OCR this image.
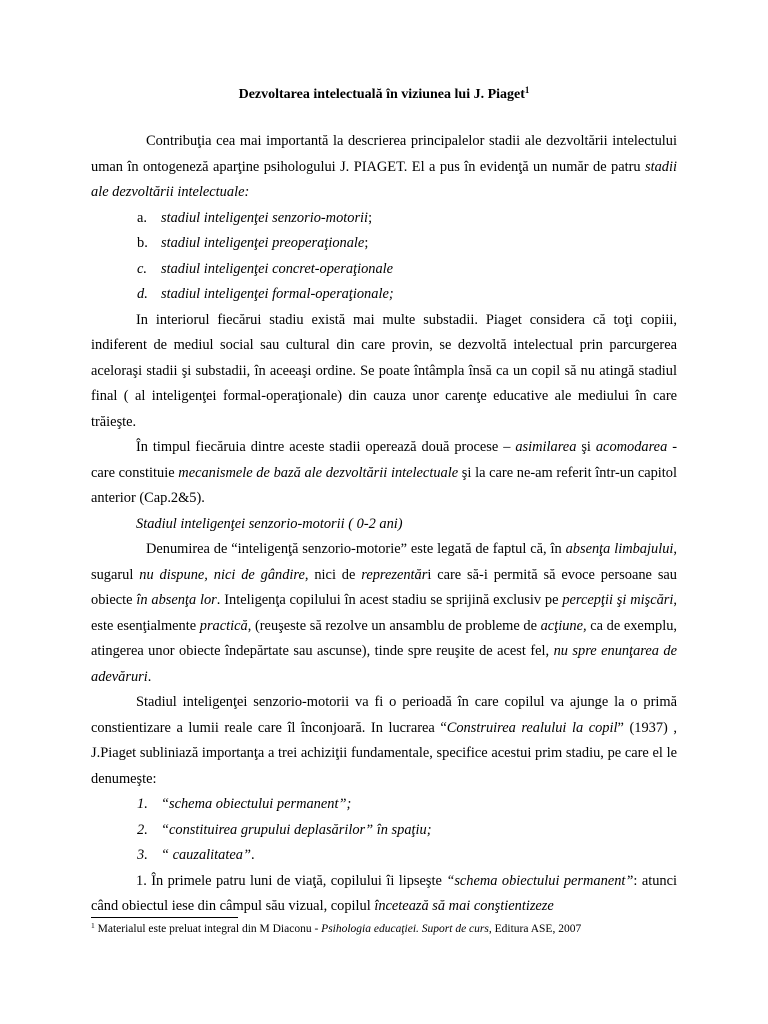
Dezvoltarea intelectuală în viziunea lui J. Piaget$^1$

Contribuţia cea mai importantă la descrierea principalelor stadii ale dezvoltării intelectului uman în ontogeneză aparţine psihologului J. PIAGET. El a pus în evidenţă un număr de patru stadii ale dezvoltării intelectuale:

a. stadiul inteligenţei senzorio-motorii;

b. stadiul inteligenţei preoperaţionale;

c. stadiul inteligenţei concret-operaţionale

d. stadiul inteligenţei formal-operaţionale;

In interiorul fiecărui stadiu există mai multe substadii. Piaget considera că toţi copiii, indiferent de mediul social sau cultural din care provin, se dezvoltă intelectual prin parcurgerea aceloraşi stadii şi substadii, în aceeaşi ordine. Se poate întâmpla însă ca un copil să nu atingă stadiul final ( al inteligenţei formal-operaţionale) din cauza unor carenţe educative ale mediului în care trăieşte.

În timpul fiecăruia dintre aceste stadii operează două procese – asimilarea şi acomodarea - care constituie mecanismele de bază ale dezvoltării intelectuale şi la care ne-am referit într-un capitol anterior (Cap.2&5).

Stadiul inteligenţei senzorio-motorii ( 0-2 ani)

Denumirea de “inteligenţă senzorio-motorie” este legată de faptul că, în absenţa limbajului, sugarul nu dispune, nici de gândire, nici de reprezentări care să-i permită să evoce persoane sau obiecte în absenţa lor. Inteligenţa copilului în acest stadiu se sprijină exclusiv pe percepţii şi mişcări, este esenţialmente practică, (reuşeste să rezolve un ansamblu de probleme de acţiune, ca de exemplu, atingerea unor obiecte îndepărtate sau ascunse), tinde spre reuşite de acest fel, nu spre enunţarea de adevăruri.

Stadiul inteligenţei senzorio-motorii va fi o perioadă în care copilul va ajunge la o primă constientizare a lumii reale care îl înconjoară. In lucrarea “Construirea realului la copil” (1937) , J.Piaget subliniază importanţa a trei achiziţii fundamentale, specifice acestui prim stadiu, pe care el le denumeşte:

1. “schema obiectului permanent”;

2. “constituirea grupului deplasărilor” în spaţiu;

3. “ cauzalitatea”.

1. În primele patru luni de viaţă, copilului îi lipseşte “schema obiectului permanent”: atunci când obiectul iese din câmpul său vizual, copilul încetează să mai conştientizeze

$^1$ Materialul este preluat integral din M Diaconu - Psihologia educaţiei. Suport de curs, Editura ASE, 2007
